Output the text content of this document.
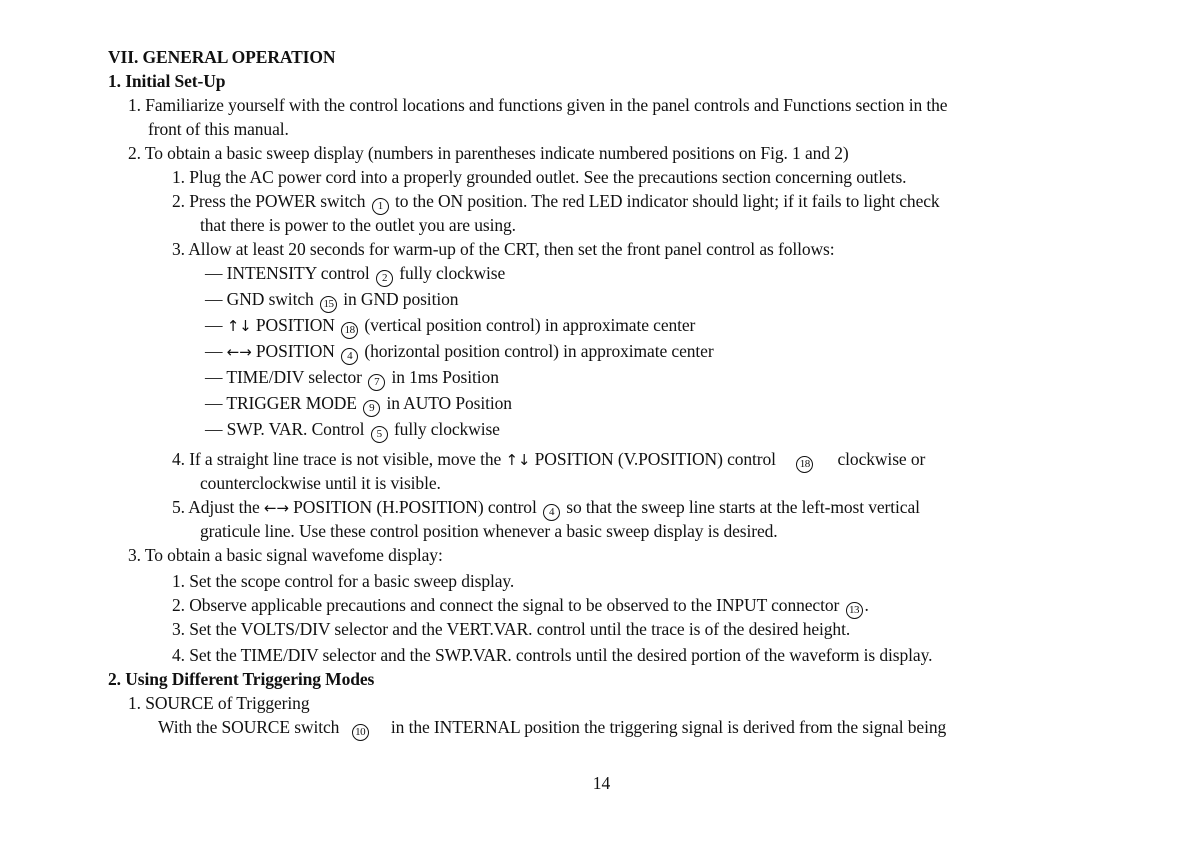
VII. GENERAL OPERATION
1. Initial Set-Up
1. Familiarize yourself with the control locations and functions given in the panel controls and Functions section in the
front of this manual.
2. To obtain a basic sweep display (numbers in parentheses indicate numbered positions on Fig. 1 and 2)
1. Plug the AC power cord into a properly grounded outlet. See the precautions section concerning outlets.
2. Press the POWER switch 1 to the ON position. The red LED indicator should light; if it fails to light check
that there is power to the outlet you are using.
3. Allow at least 20 seconds for warm-up of the CRT, then set the front panel control as follows:
— INTENSITY control 2 fully clockwise
— GND switch 15 in GND position
— ↑↓ POSITION 18 (vertical position control) in approximate center
— ←→ POSITION 4 (horizontal position control) in approximate center
— TIME/DIV selector 7 in 1ms Position
— TRIGGER MODE 9 in AUTO Position
— SWP. VAR. Control 5 fully clockwise
4. If a straight line trace is not visible, move the ↑↓ POSITION (V.POSITION) control 18 clockwise or
counterclockwise until it is visible.
5. Adjust the ←→ POSITION (H.POSITION) control 4 so that the sweep line starts at the left-most vertical
graticule line. Use these control position whenever a basic sweep display is desired.
3. To obtain a basic signal wavefome display:
1. Set the scope control for a basic sweep display.
2. Observe applicable precautions and connect the signal to be observed to the INPUT connector 13 .
3. Set the VOLTS/DIV selector and the VERT.VAR. control until the trace is of the desired height.
4. Set the TIME/DIV selector and the SWP.VAR. controls until the desired portion of the waveform is display.
2. Using Different Triggering Modes
1. SOURCE of Triggering
With the SOURCE switch 10 in the INTERNAL position the triggering signal is derived from the signal being
14
